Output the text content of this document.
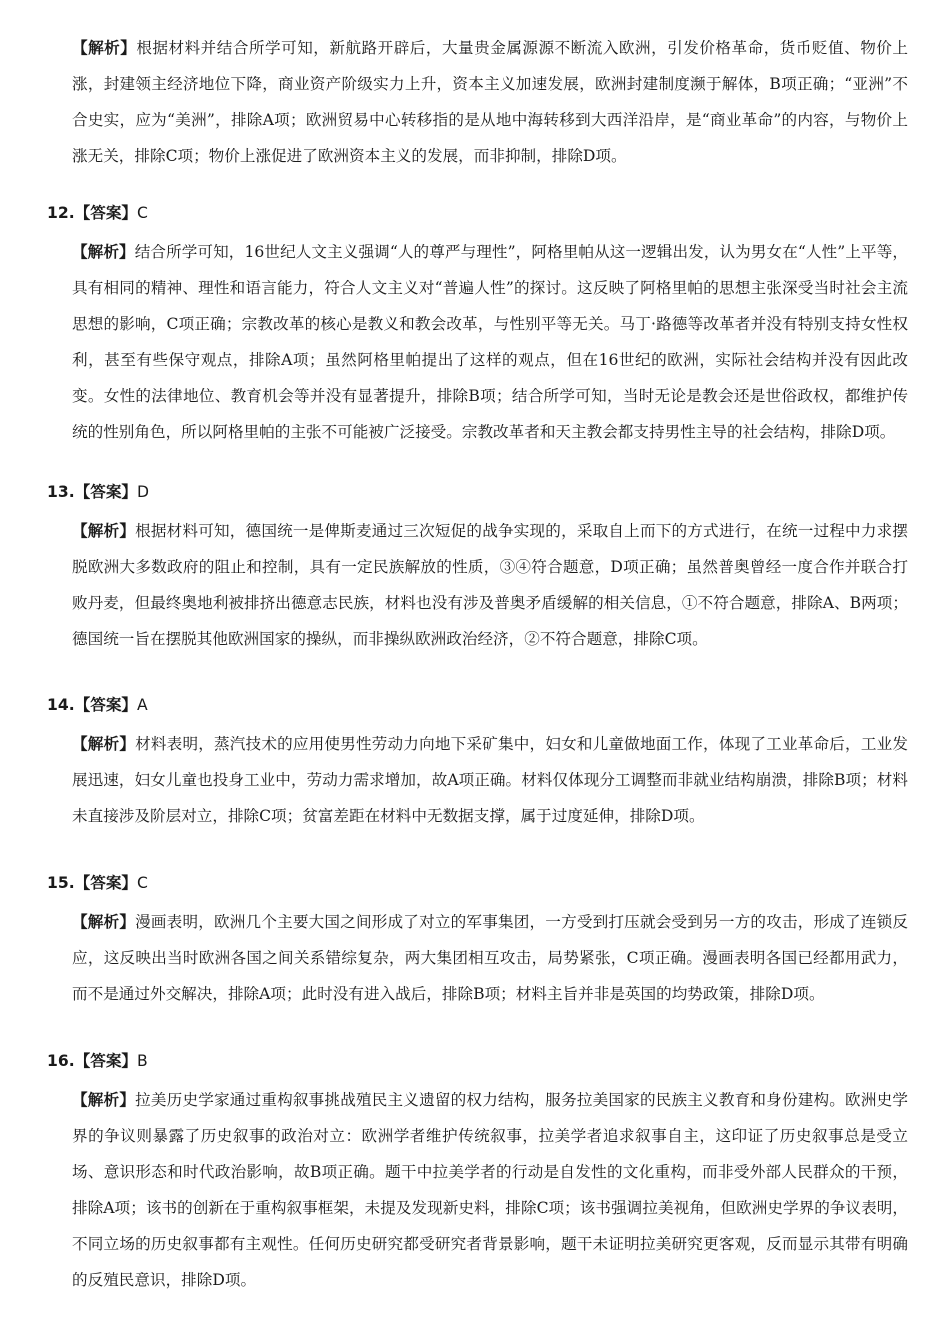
【解析】根据材料并结合所学可知，新航路开辟后，大量贵金属源源不断流入欧洲，引发价格革命，货币贬值、物价上涨，封建领主经济地位下降，商业资产阶级实力上升，资本主义加速发展，欧洲封建制度濒于解体，B项正确；“亚洲”不合史实，应为“美洲”，排除A项；欧洲贸易中心转移指的是从地中海转移到大西洋沿岸，是“商业革命”的内容，与物价上涨无关，排除C项；物价上涨促进了欧洲资本主义的发展，而非抑制，排除D项。

12.【答案】C

【解析】结合所学可知，16世纪人文主义强调“人的尊严与理性”，阿格里帕从这一逻辑出发，认为男女在“人性”上平等，具有相同的精神、理性和语言能力，符合人文主义对“普遍人性”的探讨。这反映了阿格里帕的思想主张深受当时社会主流思想的影响，C项正确；宗教改革的核心是教义和教会改革，与性别平等无关。马丁·路德等改革者并没有特别支持女性权利，甚至有些保守观点，排除A项；虽然阿格里帕提出了这样的观点，但在16世纪的欧洲，实际社会结构并没有因此改变。女性的法律地位、教育机会等并没有显著提升，排除B项；结合所学可知，当时无论是教会还是世俗政权，都维护传统的性别角色，所以阿格里帕的主张不可能被广泛接受。宗教改革者和天主教会都支持男性主导的社会结构，排除D项。

13.【答案】D

【解析】根据材料可知，德国统一是俾斯麦通过三次短促的战争实现的，采取自上而下的方式进行，在统一过程中力求摆脱欧洲大多数政府的阻止和控制，具有一定民族解放的性质，③④符合题意，D项正确；虽然普奥曾经一度合作并联合打败丹麦，但最终奥地利被排挤出德意志民族，材料也没有涉及普奥矛盾缓解的相关信息，①不符合题意，排除A、B两项；德国统一旨在摆脱其他欧洲国家的操纵，而非操纵欧洲政治经济，②不符合题意，排除C项。

14.【答案】A

【解析】材料表明，蒸汽技术的应用使男性劳动力向地下采矿集中，妇女和儿童做地面工作，体现了工业革命后，工业发展迅速，妇女儿童也投身工业中，劳动力需求增加，故A项正确。材料仅体现分工调整而非就业结构崩溃，排除B项；材料未直接涉及阶层对立，排除C项；贫富差距在材料中无数据支撑，属于过度延伸，排除D项。

15.【答案】C

【解析】漫画表明，欧洲几个主要大国之间形成了对立的军事集团，一方受到打压就会受到另一方的攻击，形成了连锁反应，这反映出当时欧洲各国之间关系错综复杂，两大集团相互攻击，局势紧张，C项正确。漫画表明各国已经都用武力，而不是通过外交解决，排除A项；此时没有进入战后，排除B项；材料主旨并非是英国的均势政策，排除D项。

16.【答案】B

【解析】拉美历史学家通过重构叙事挑战殖民主义遗留的权力结构，服务拉美国家的民族主义教育和身份建构。欧洲史学界的争议则暴露了历史叙事的政治对立：欧洲学者维护传统叙事，拉美学者追求叙事自主，这印证了历史叙事总是受立场、意识形态和时代政治影响，故B项正确。题干中拉美学者的行动是自发性的文化重构，而非受外部人民群众的干预，排除A项；该书的创新在于重构叙事框架，未提及发现新史料，排除C项；该书强调拉美视角，但欧洲史学界的争议表明，不同立场的历史叙事都有主观性。任何历史研究都受研究者背景影响，题干未证明拉美研究更客观，反而显示其带有明确的反殖民意识，排除D项。
